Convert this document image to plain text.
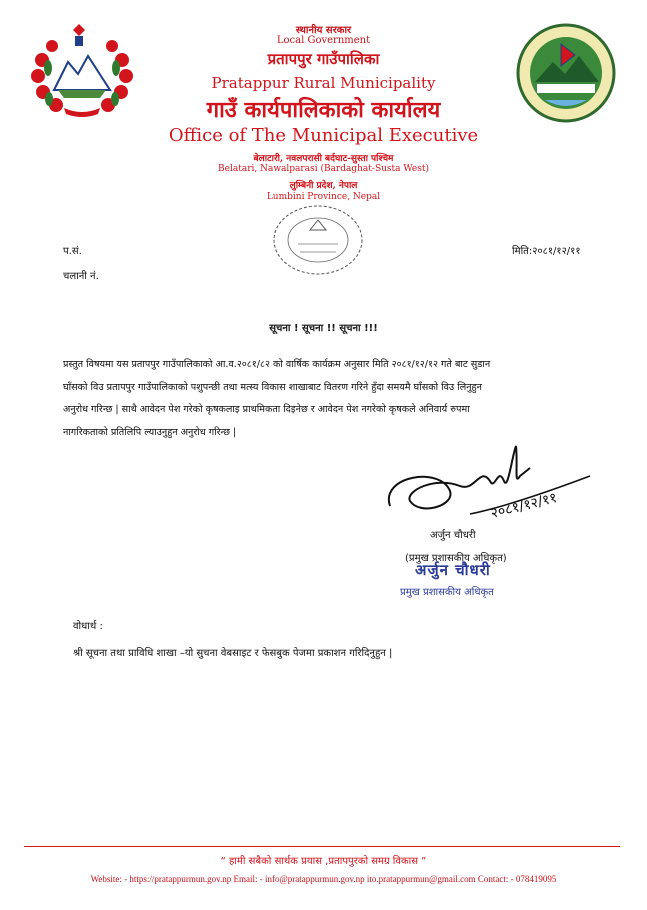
स्थानीय सरकार
Local Government
प्रतापपुर गाउँपालिका
Pratappur Rural Municipality
गाउँ कार्यपालिकाको कार्यालय
Office of The Municipal Executive
बेलाटारी, नवलपरासी बर्दघाट-सुस्ता पश्चिम
Belatari, Nawalparasi (Bardaghat-Susta West)
लुम्बिनी प्रदेश, नेपाल
Lumbini Province, Nepal
प.सं.
चलानी नं.
मिति:२०८१/१२/११
सूचना ! सूचना !! सूचना !!!
प्रस्तुत विषयमा यस प्रतापपुर गाउँपालिकाको आ.व.२०८१/८२ को वार्षिक कार्यक्रम अनुसार मिति २०८१/१२/१२ गते बाट सुडान
घाँसको विउ प्रतापपुर गाउँपालिकाको पशुपन्छी तथा मत्स्य विकास शाखाबाट वितरण गरिने हुँदा समयमै घाँसको विउ लिनुहुन
अनुरोध गरिन्छ | साथै आवेदन पेश गरेको कृषकलाइ प्राथमिकता दिइनेछ र आवेदन पेश नगरेको कृषकले अनिवार्य रुपमा
नागरिकताको प्रतिलिपि ल्याउनुहुन अनुरोध गरिन्छ |
२०८१/१२/११
अर्जुन चौधरी
(प्रमुख प्रशासकीय अधिकृत)
अर्जुन चौधरी
प्रमुख प्रशासकीय अधिकृत
वोधार्थ :
श्री सूचना तथा प्राविधि शाखा –यो सुचना वेबसाइट र फेसबुक पेजमा प्रकाशन गरिदिनुहुन |
“ हामी सबैको सार्थक प्रयास ,प्रतापपुरको समग्र विकास ”
Website: - https://pratappurmun.gov.np Email: - info@pratappurmun.gov.np ito.pratappurmun@gmail.com Contact: - 078419095
